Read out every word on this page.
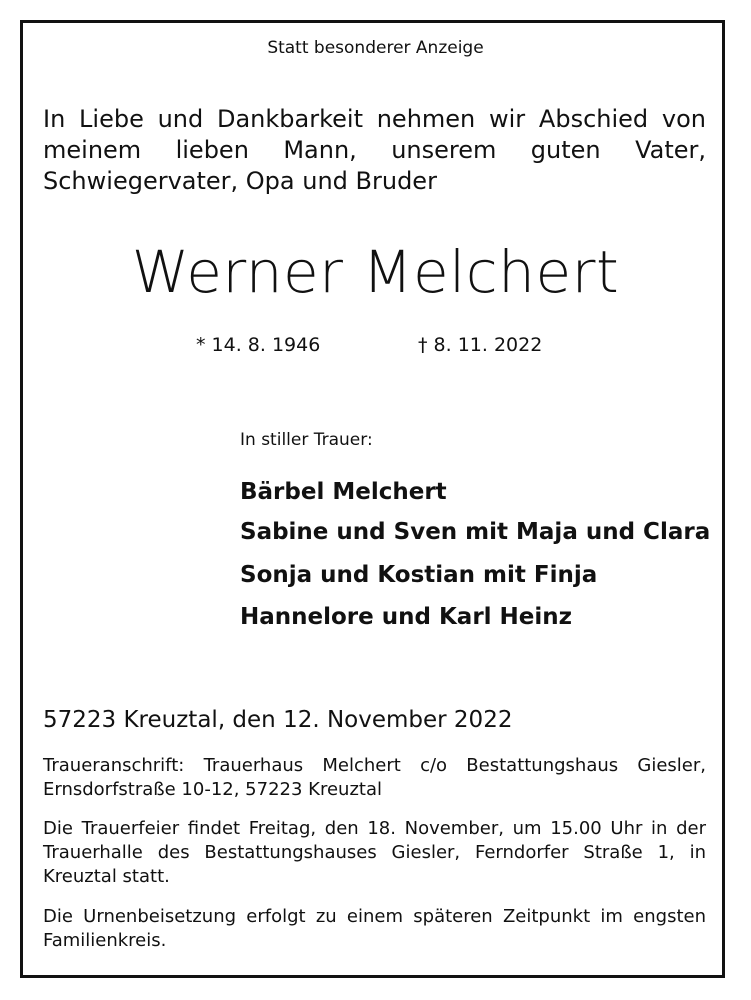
Statt besonderer Anzeige
In Liebe und Dankbarkeit nehmen wir Abschied von meinem lieben Mann, unserem guten Vater, Schwiegervater, Opa und Bruder
Werner Melchert
* 14. 8. 1946	† 8. 11. 2022
In stiller Trauer:
Bärbel Melchert
Sabine und Sven mit Maja und Clara
Sonja und Kostian mit Finja
Hannelore und Karl Heinz
57223 Kreuztal, den 12. November 2022
Traueranschrift: Trauerhaus Melchert c/o Bestattungshaus Giesler, Ernsdorfstraße 10-12, 57223 Kreuztal
Die Trauerfeier findet Freitag, den 18. November, um 15.00 Uhr in der Trauerhalle des Bestattungshauses Giesler, Ferndorfer Straße 1, in Kreuztal statt.
Die Urnenbeisetzung erfolgt zu einem späteren Zeitpunkt im engsten Familienkreis.
